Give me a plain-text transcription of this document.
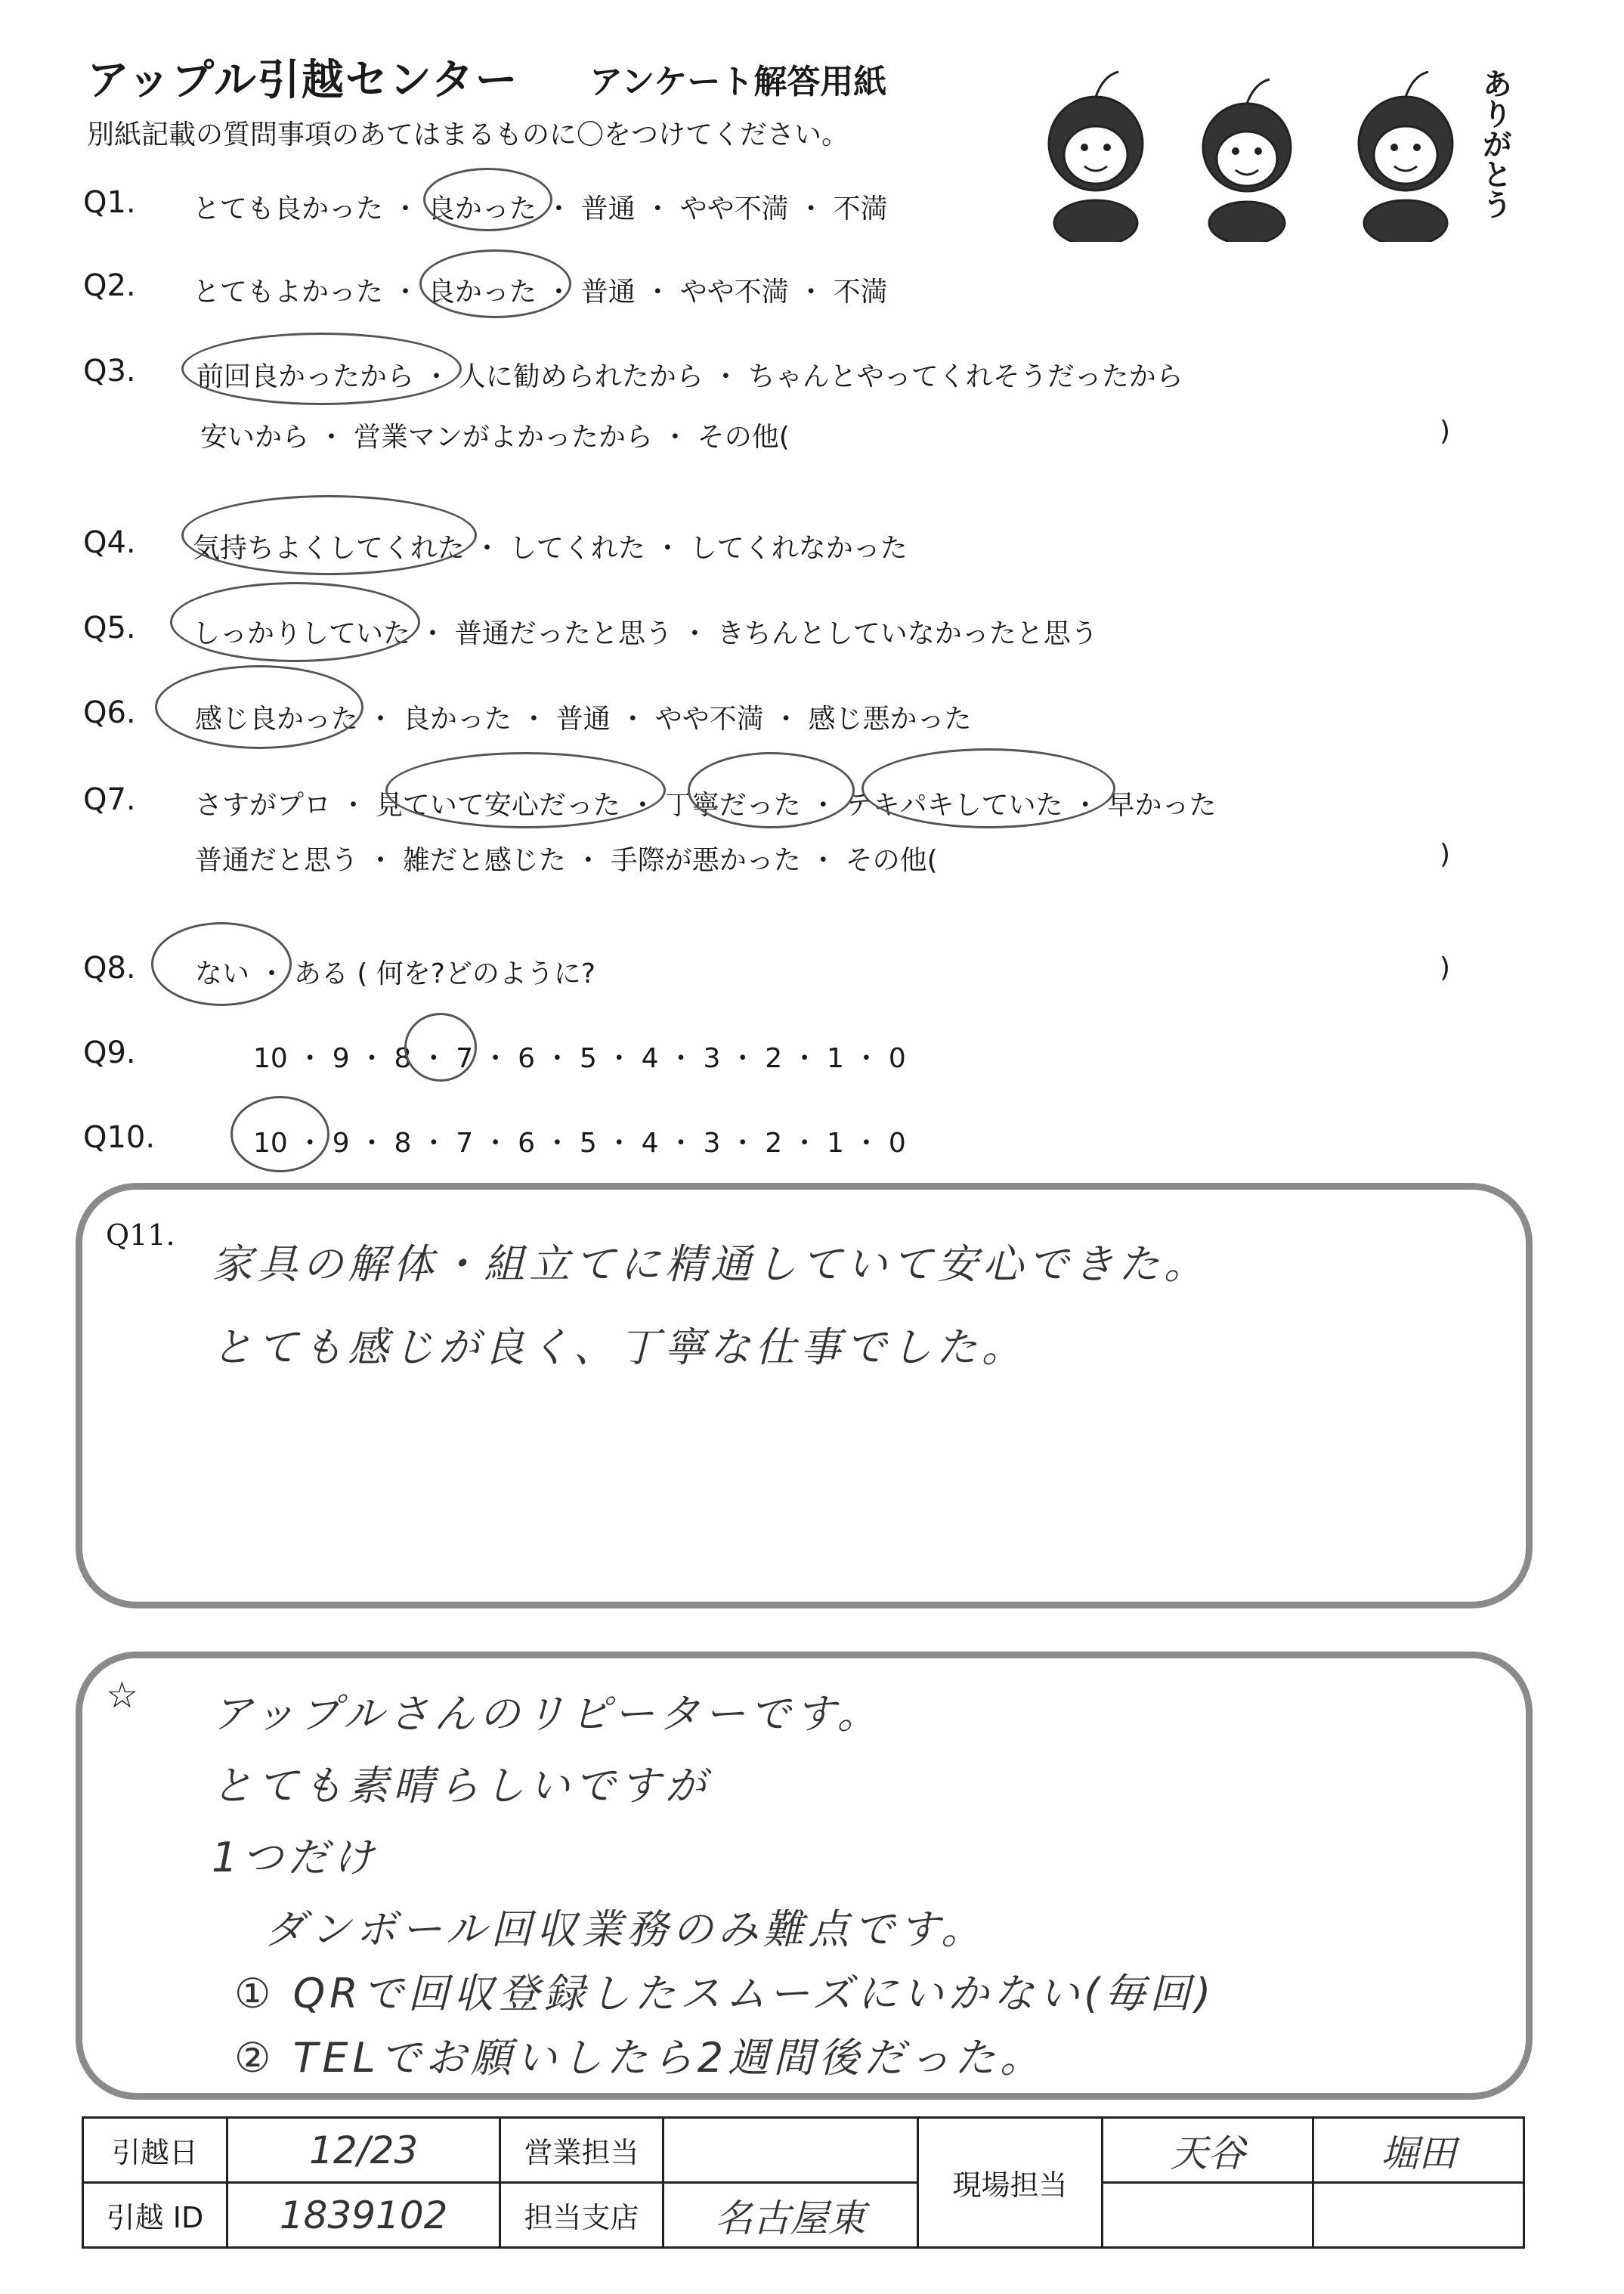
アップル引越センター アンケート解答用紙
別紙記載の質問事項のあてはまるものに〇をつけてください。	ありがとう
Q1. とても良かった ・ 良かった ・ 普通 ・ やや不満 ・ 不満
Q2. とてもよかった ・ 良かった ・ 普通 ・ やや不満 ・ 不満
Q3. 前回良かったから ・ 人に勧められたから ・ ちゃんとやってくれそうだったから
安いから ・ 営業マンがよかったから ・ その他(	)
Q4. 気持ちよくしてくれた ・ してくれた ・ してくれなかった
Q5. しっかりしていた ・ 普通だったと思う ・ きちんとしていなかったと思う
Q6. 感じ良かった ・ 良かった ・ 普通 ・ やや不満 ・ 感じ悪かった
Q7. さすがプロ ・ 見ていて安心だった ・ 丁寧だった ・ テキパキしていた ・ 早かった
普通だと思う ・ 雑だと感じた ・ 手際が悪かった ・ その他(	)
Q8. ない ・ ある ( 何を?どのように?	)
Q9.	10 ・ 9 ・ 8 ・ 7 ・ 6 ・ 5 ・ 4 ・ 3 ・ 2 ・ 1 ・ 0
Q10.	10 ・ 9 ・ 8 ・ 7 ・ 6 ・ 5 ・ 4 ・ 3 ・ 2 ・ 1 ・ 0
Q11.
家具の解体・組立てに精通していて安心できた。
とても感じが良く、丁寧な仕事でした。
☆ アップルさんのリピーターです。
とても素晴らしいですが
1つだけ
ダンボール回収業務のみ難点です。
① QRで回収登録したスムーズにいかない(毎回)
② TELでお願いしたら2週間後だった。
引越日	12/23	営業担当		現場担当	天谷	堀田
引越 ID	1839102	担当支店	名古屋東			
